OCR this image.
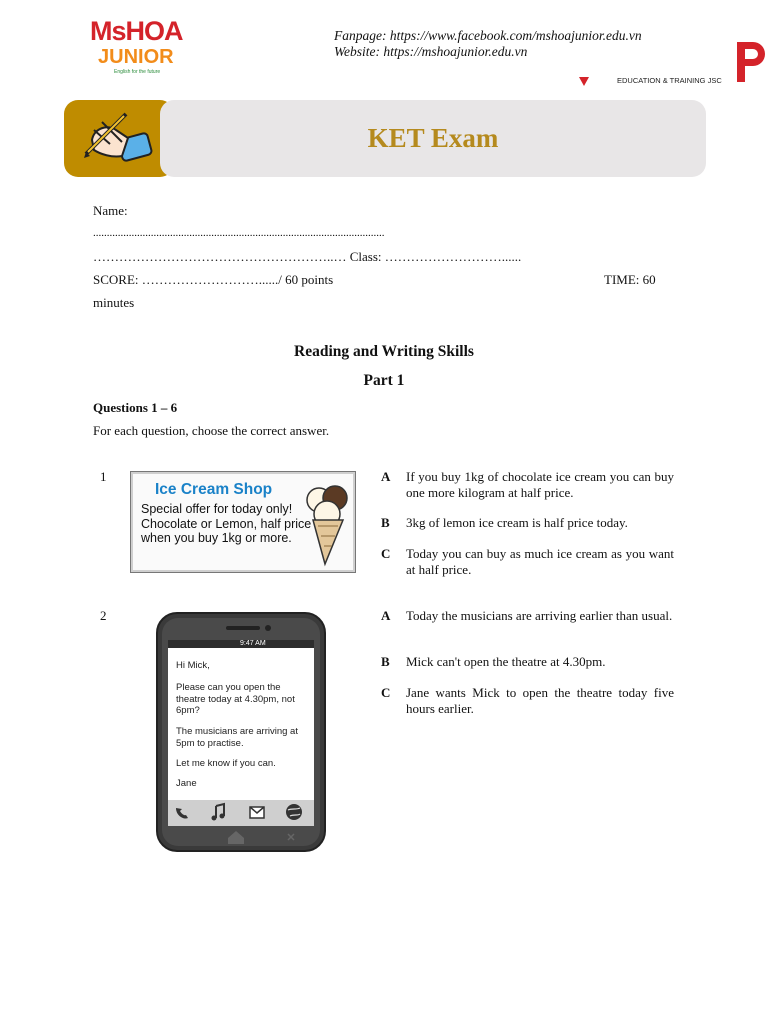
MsHOA
JUNIOR
English for the future
Fanpage: https://www.facebook.com/mshoajunior.edu.vn
Website: https://mshoajunior.edu.vn
EDUCATION & TRAINING JSC
KET Exam
Name:
..........................................................................................................
………………………………………………..… Class: ………………………......
SCORE: ………………………....../ 60 points	TIME: 60
minutes
Reading and Writing Skills
Part 1
Questions 1 – 6
For each question, choose the correct answer.
1
Ice Cream Shop
Special offer for today only! Chocolate or Lemon, half price when you buy 1kg or more.
A If you buy 1kg of chocolate ice cream you can buy one more kilogram at half price.
B 3kg of lemon ice cream is half price today.
C Today you can buy as much ice cream as you want at half price.
2
9:47 AM
Hi Mick,
Please can you open the theatre today at 4.30pm, not 6pm?
The musicians are arriving at 5pm to practise.
Let me know if you can.
Jane
A Today the musicians are arriving earlier than usual.
B Mick can't open the theatre at 4.30pm.
C Jane wants Mick to open the theatre today five hours earlier.
